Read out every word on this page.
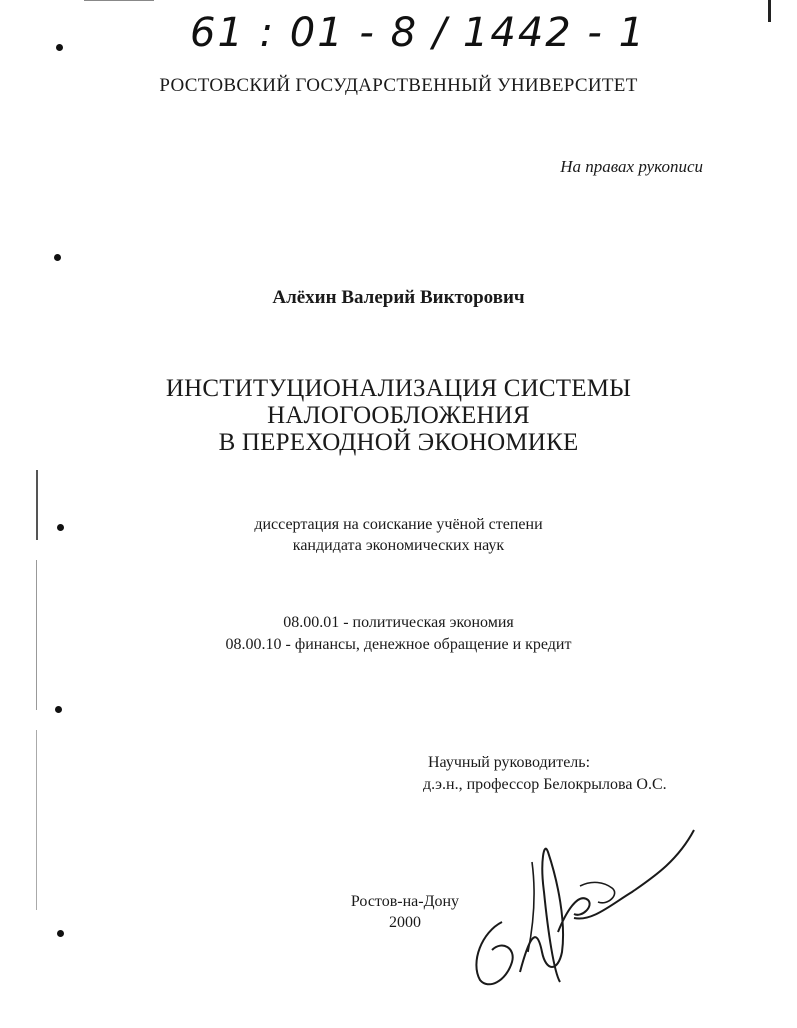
61 : 01 - 8 / 1442 - 1
РОСТОВСКИЙ ГОСУДАРСТВЕННЫЙ УНИВЕРСИТЕТ
На правах рукописи
Алёхин Валерий Викторович
ИНСТИТУЦИОНАЛИЗАЦИЯ СИСТЕМЫ
НАЛОГООБЛОЖЕНИЯ
В ПЕРЕХОДНОЙ ЭКОНОМИКЕ
диссертация на соискание учёной степени
кандидата экономических наук
08.00.01 - политическая экономия
08.00.10 - финансы, денежное обращение и кредит
Научный руководитель:
д.э.н., профессор Белокрылова О.С.
Ростов-на-Дону
2000
